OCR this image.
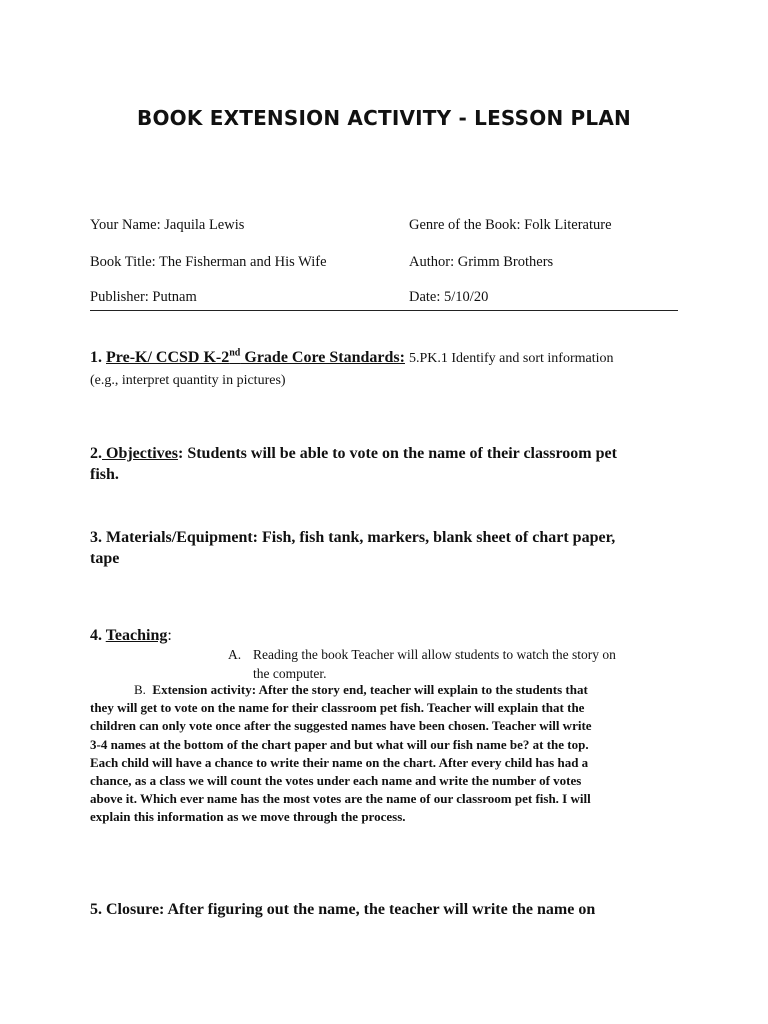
BOOK EXTENSION ACTIVITY - LESSON PLAN
Your Name: Jaquila Lewis	Genre of the Book: Folk Literature
Book Title: The Fisherman and His Wife	Author: Grimm Brothers
Publisher: Putnam	Date: 5/10/20
1. Pre-K/ CCSD K-2nd Grade Core Standards: 5.PK.1 Identify and sort information
(e.g., interpret quantity in pictures)
2. Objectives: Students will be able to vote on the name of their classroom pet
fish.
3. Materials/Equipment: Fish, fish tank, markers, blank sheet of chart paper,
tape
4. Teaching:
A. Reading the book Teacher will allow students to watch the story on
the computer.
B. Extension activity: After the story end, teacher will explain to the students that
they will get to vote on the name for their classroom pet fish. Teacher will explain that the
children can only vote once after the suggested names have been chosen. Teacher will write
3-4 names at the bottom of the chart paper and but what will our fish name be? at the top.
Each child will have a chance to write their name on the chart. After every child has had a
chance, as a class we will count the votes under each name and write the number of votes
above it. Which ever name has the most votes are the name of our classroom pet fish. I will
explain this information as we move through the process.
5. Closure: After figuring out the name, the teacher will write the name on
